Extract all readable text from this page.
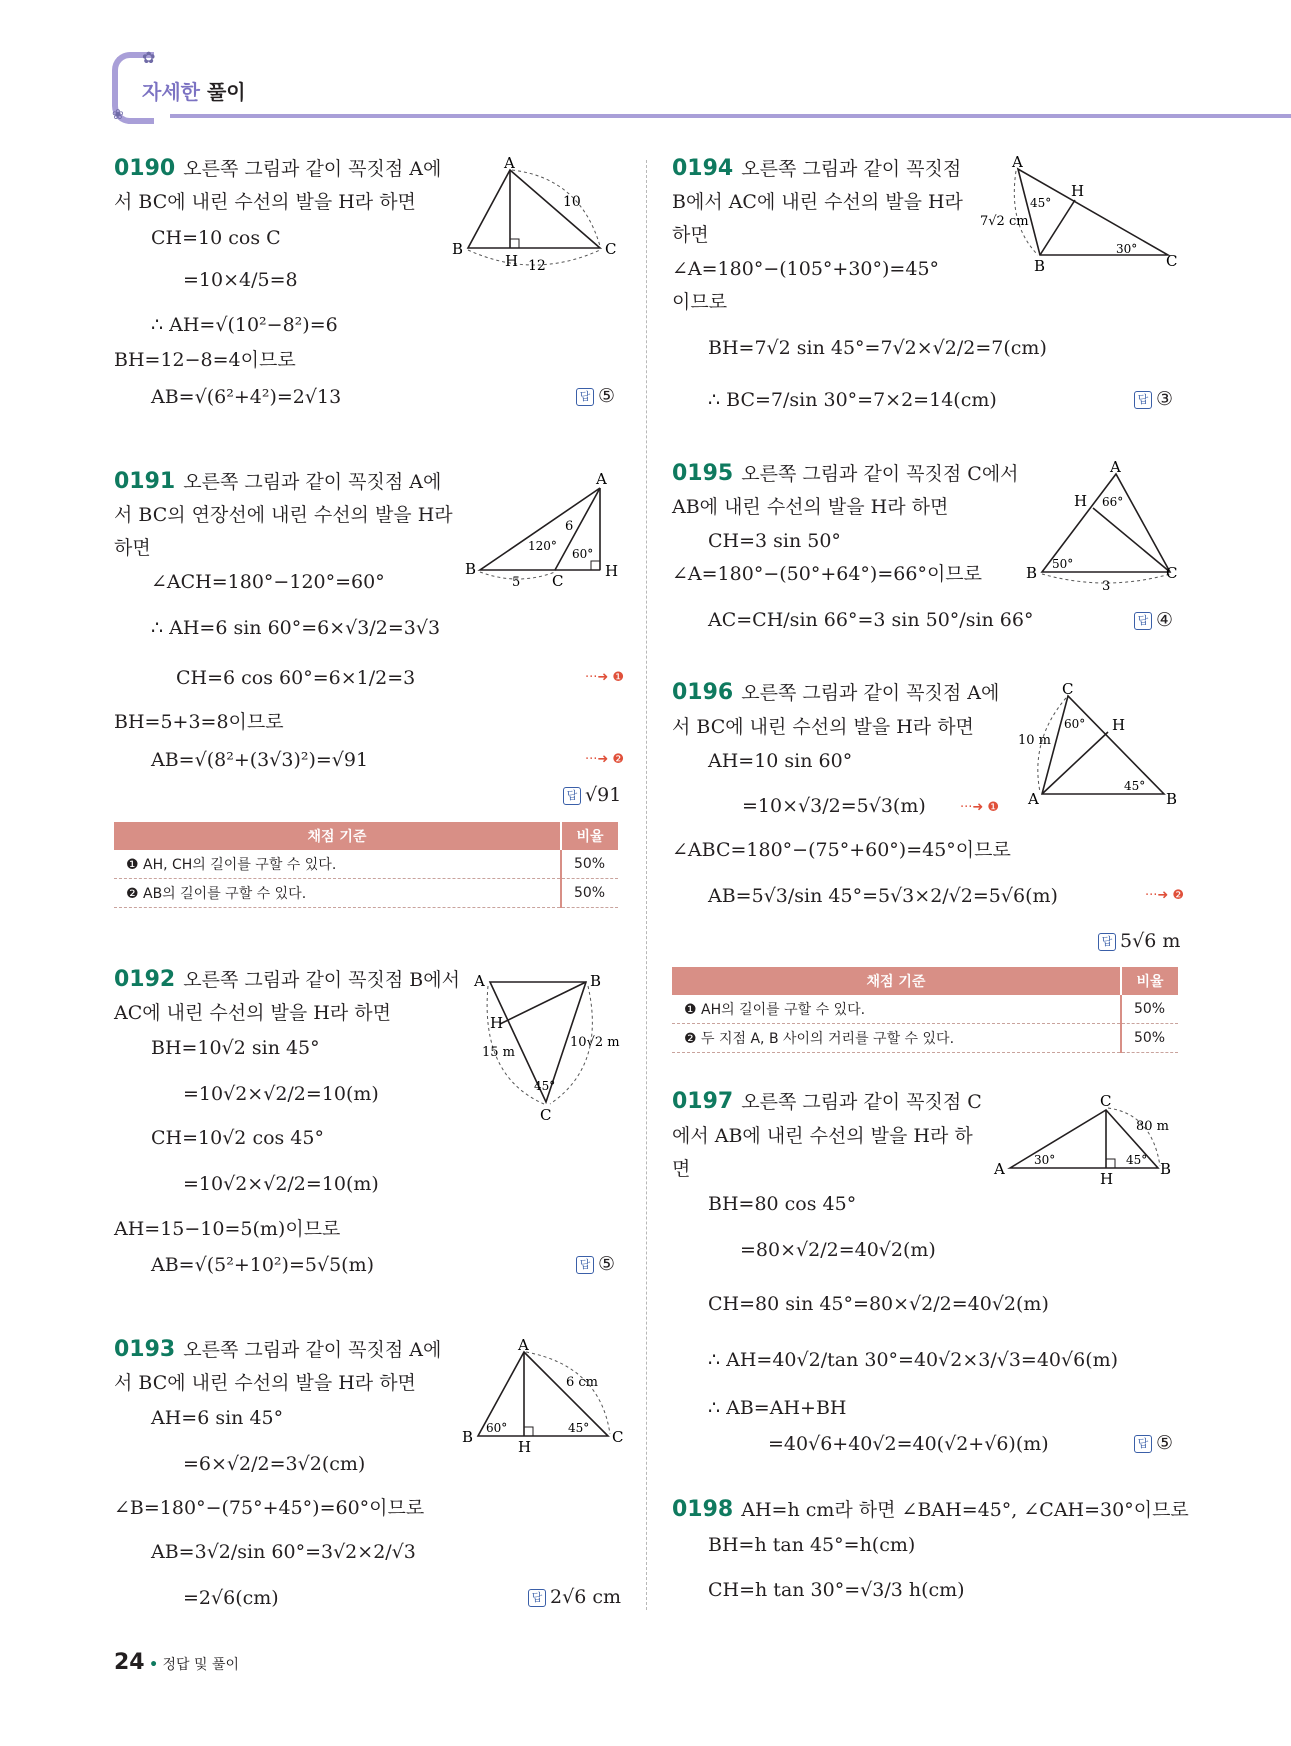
✿
❀
자세한 풀이
0190 오른쪽 그림과 같이 꼭짓점 A에
서 BC에 내린 수선의 발을 H라 하면
CH=10 cos C
=10×4/5=8
∴ AH=√(10²−8²)=6
BH=12−8=4이므로
AB=√(6²+4²)=2√13	답 ⑤
A
B	C
H
10
12
0191 오른쪽 그림과 같이 꼭짓점 A에
서 BC의 연장선에 내린 수선의 발을 H라
하면
∠ACH=180°−120°=60°
∴ AH=6 sin 60°=6×√3/2=3√3
CH=6 cos 60°=6×1/2=3	···➜ ❶
BH=5+3=8이므로
AB=√(8²+(3√3)²)=√91	···➜ ❷
답 √91
채점 기준	비율
❶ AH, CH의 길이를 구할 수 있다.	50%
❷ AB의 길이를 구할 수 있다.	50%
A
B
C
H
6
5
120°
60°
0192 오른쪽 그림과 같이 꼭짓점 B에서
AC에 내린 수선의 발을 H라 하면
BH=10√2 sin 45°
=10√2×√2/2=10(m)
CH=10√2 cos 45°
=10√2×√2/2=10(m)
AH=15−10=5(m)이므로
AB=√(5²+10²)=5√5(m)	답 ⑤
A	B
C
H
15 m
10√2 m
45°
0193 오른쪽 그림과 같이 꼭짓점 A에
서 BC에 내린 수선의 발을 H라 하면
AH=6 sin 45°
=6×√2/2=3√2(cm)
∠B=180°−(75°+45°)=60°이므로
AB=3√2/sin 60°=3√2×2/√3
=2√6(cm)	답 2√6 cm
A
B	C
H
6 cm
60°	45°
0194 오른쪽 그림과 같이 꼭짓점
B에서 AC에 내린 수선의 발을 H라
하면
∠A=180°−(105°+30°)=45°
이므로
BH=7√2 sin 45°=7√2×√2/2=7(cm)
∴ BC=7/sin 30°=7×2=14(cm)	답 ③
A
B	C
H
7√2 cm
45°
30°
0195 오른쪽 그림과 같이 꼭짓점 C에서
AB에 내린 수선의 발을 H라 하면
CH=3 sin 50°
∠A=180°−(50°+64°)=66°이므로
AC=CH/sin 66°=3 sin 50°/sin 66°	답 ④
A
B	C
H
3
66°
50°
0196 오른쪽 그림과 같이 꼭짓점 A에
서 BC에 내린 수선의 발을 H라 하면
AH=10 sin 60°
=10×√3/2=5√3(m)	···➜ ❶
∠ABC=180°−(75°+60°)=45°이므로
AB=5√3/sin 45°=5√3×2/√2=5√6(m)	···➜ ❷
답 5√6 m
채점 기준	비율
❶ AH의 길이를 구할 수 있다.	50%
❷ 두 지점 A, B 사이의 거리를 구할 수 있다.	50%
A	B
C
H
10 m
60°
45°
0197 오른쪽 그림과 같이 꼭짓점 C
에서 AB에 내린 수선의 발을 H라 하
면
BH=80 cos 45°
=80×√2/2=40√2(m)
CH=80 sin 45°=80×√2/2=40√2(m)
∴ AH=40√2/tan 30°=40√2×3/√3=40√6(m)
∴ AB=AH+BH
=40√6+40√2=40(√2+√6)(m)	답 ⑤
A	B
C
H
80 m
30°	45°
0198 AH=h cm라 하면 ∠BAH=45°, ∠CAH=30°이므로
BH=h tan 45°=h(cm)
CH=h tan 30°=√3/3 h(cm)
24 • 정답 및 풀이
